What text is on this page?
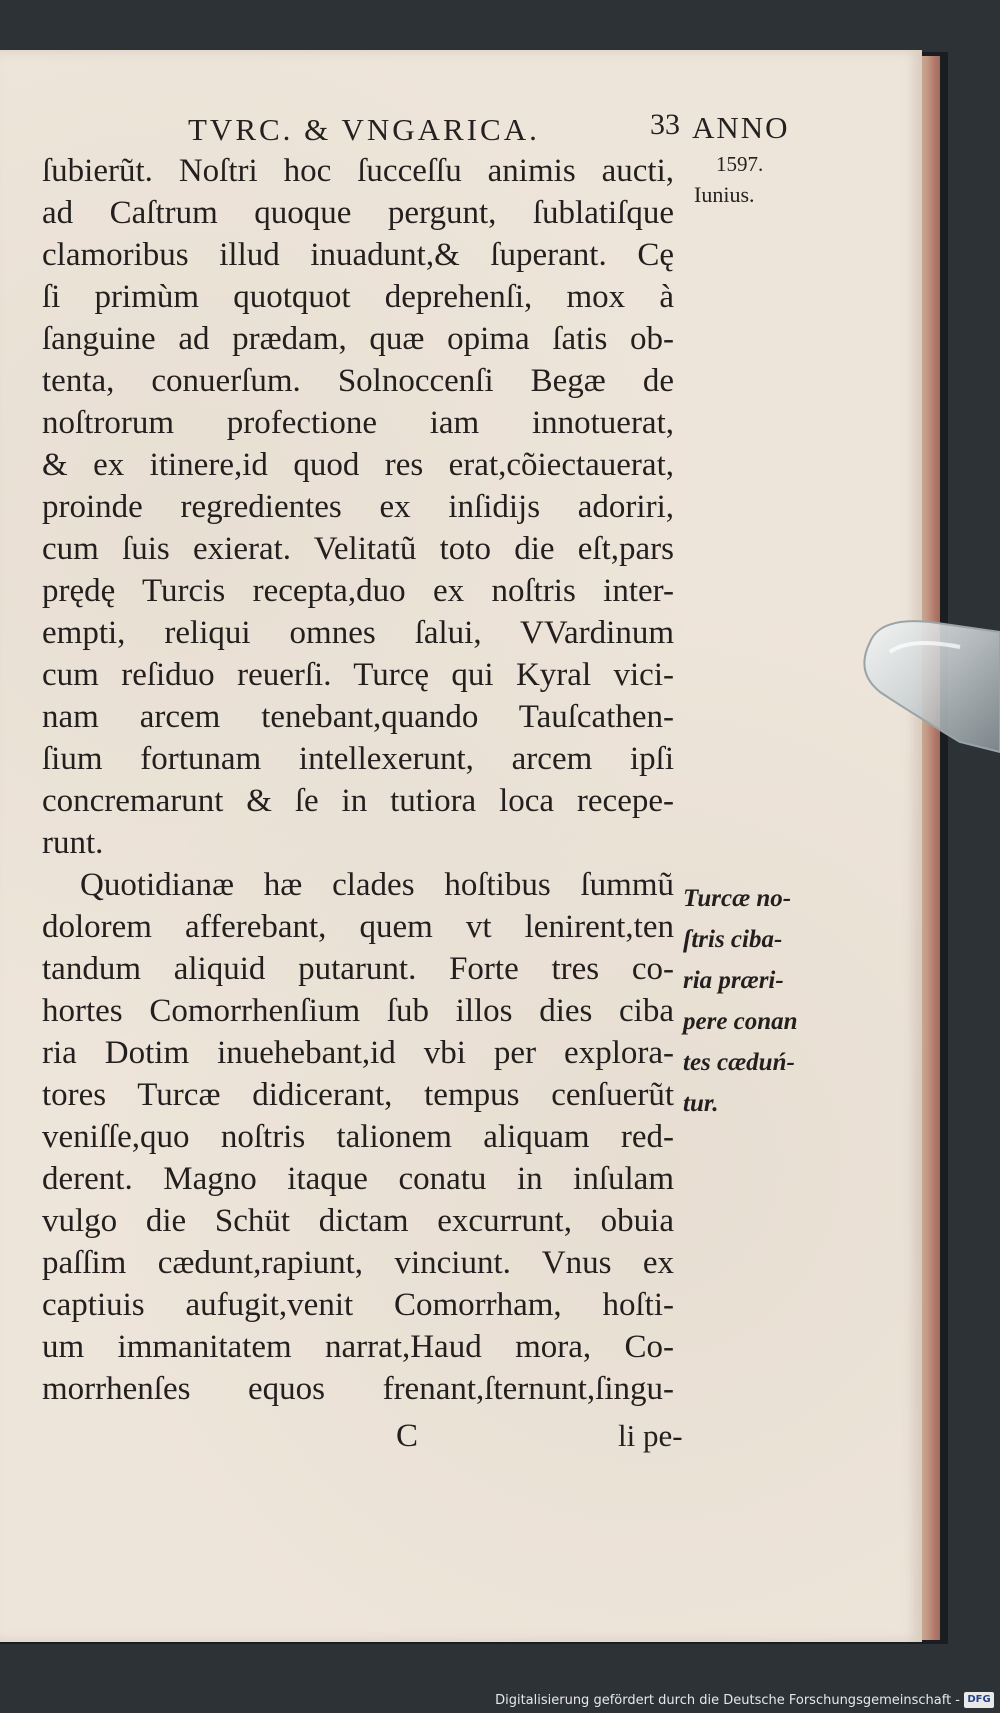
TVRC. & VNGARICA.	33 ANNO
1597.
Iunius.
ſubierũt. Noſtri hoc ſucceſſu animis aucti,
ad Caſtrum quoque pergunt, ſublatiſque
clamoribus illud inuadunt,& ſuperant. Cę
ſi primùm quotquot deprehenſi, mox à
ſanguine ad prædam, quæ opima ſatis ob-
tenta, conuerſum. Solnoccenſi Begæ de
noſtrorum profectione iam innotuerat,
& ex itinere,id quod res erat,cõiectauerat,
proinde regredientes ex inſidijs adoriri,
cum ſuis exierat. Velitatũ toto die eſt,pars
prędę Turcis recepta,duo ex noſtris inter-
empti, reliqui omnes ſalui, VVardinum
cum reſiduo reuerſi. Turcę qui Kyral vici-
nam arcem tenebant,quando Tauſcathen-
ſium fortunam intellexerunt, arcem ipſi
concremarunt & ſe in tutiora loca recepe-
runt.
Quotidianæ hæ clades hoſtibus ſummũ
dolorem afferebant, quem vt lenirent,ten
tandum aliquid putarunt. Forte tres co-
hortes Comorrhenſium ſub illos dies ciba
ria Dotim inuehebant,id vbi per explora-
tores Turcæ didicerant, tempus cenſuerũt
veniſſe,quo noſtris talionem aliquam red-
derent. Magno itaque conatu in inſulam
vulgo die Schüt dictam excurrunt, obuia
paſſim cædunt,rapiunt, vinciunt. Vnus ex
captiuis aufugit,venit Comorrham, hoſti-
um immanitatem narrat,Haud mora, Co-
morrhenſes equos frenant,ſternunt,ſingu-
Turcæ no-
ſtris ciba-
ria præri-
pere conan
tes cæduń-
tur.
C	li pe-
Digitalisierung gefördert durch die Deutsche Forschungsgemeinschaft - DFG
